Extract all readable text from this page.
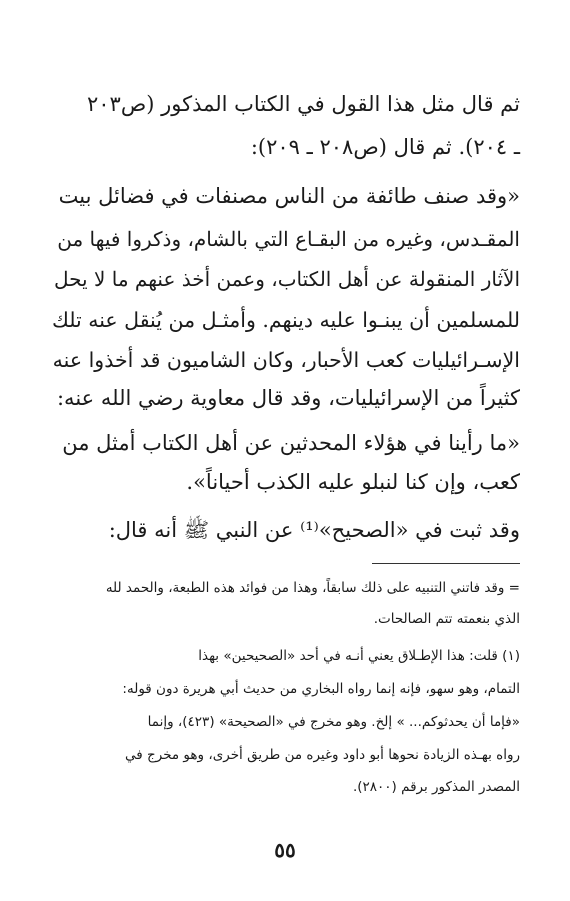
ثم قال مثل هذا القول في الكتاب المذكور (ص٢٠٣
ـ ٢٠٤). ثم قال (ص٢٠٨ ـ ٢٠٩):
«وقد صنف طائفة من الناس مصنفات في فضائل بيت
المقـدس، وغيره من البقـاع التي بالشام، وذكروا فيها من
الآثار المنقولة عن أهل الكتاب، وعمن أخذ عنهم ما لا يحل
للمسلمين أن يبنـوا عليه دينهم. وأمثـل من يُنقل عنه تلك
الإسـرائيليات كعب الأحبار، وكان الشاميون قد أخذوا عنه
كثيراً من الإسرائيليات، وقد قال معاوية رضي الله عنه:
«ما رأينا في هؤلاء المحدثين عن أهل الكتاب أمثل من
كعب، وإن كنا لنبلو عليه الكذب أحياناً».
وقد ثبت في «الصحيح»⁽¹⁾ عن النبي ﷺ أنه قال:
= وقد فاتني التنبيه على ذلك سابقاً، وهذا من فوائد هذه الطبعة، والحمد لله
الذي بنعمته تتم الصالحات.
(١) قلت: هذا الإطـلاق يعني أنـه في أحد «الصحيحين» بهذا
التمام، وهو سهو، فإنه إنما رواه البخاري من حديث أبي هريرة دون قوله:
«فإما أن يحدثوكم... » إلخ. وهو مخرج في «الصحيحة» (٤٢٣)، وإنما
رواه بهـذه الزيادة نحوها أبو داود وغيره من طريق أخرى، وهو مخرج في
المصدر المذكور برقم (٢٨٠٠).
٥٥
